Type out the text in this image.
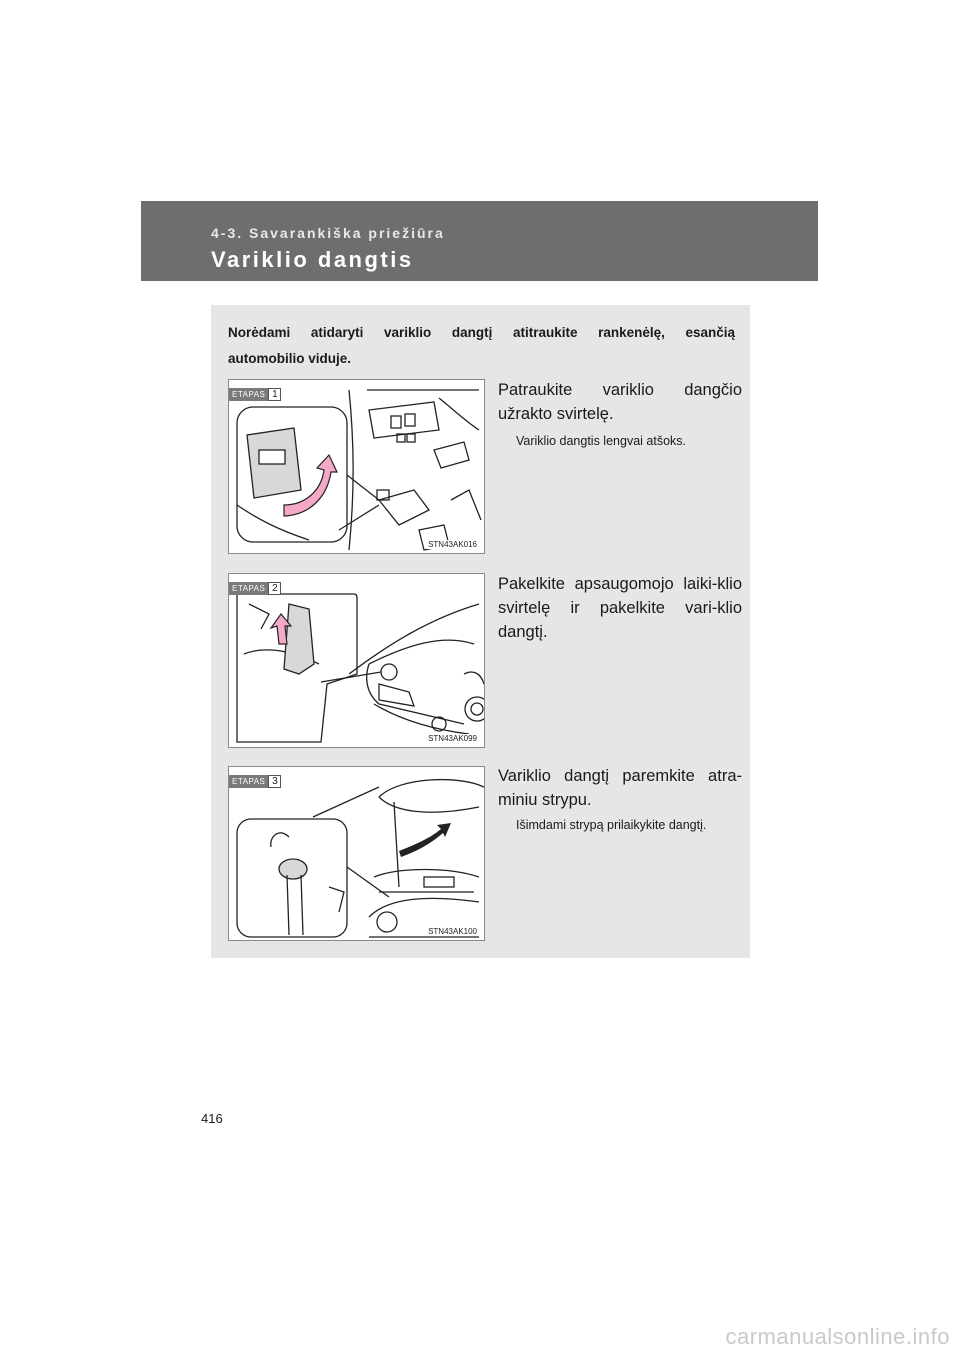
4-3. Savarankiška priežiūra
Variklio dangtis
Norėdami atidaryti variklio dangtį atitraukite rankenėlę, esančią
automobilio viduje.
ETAPAS 1
STN43AK016
Patraukite variklio dangčio užrakto svirtelę.
Variklio dangtis lengvai atšoks.
ETAPAS 2
STN43AK099
Pakelkite apsaugomojo laiki-klio svirtelę ir pakelkite vari-klio dangtį.
ETAPAS 3
STN43AK100
Variklio dangtį paremkite atra-miniu strypu.
Išimdami strypą prilaikykite dangtį.
416
carmanualsonline.info
